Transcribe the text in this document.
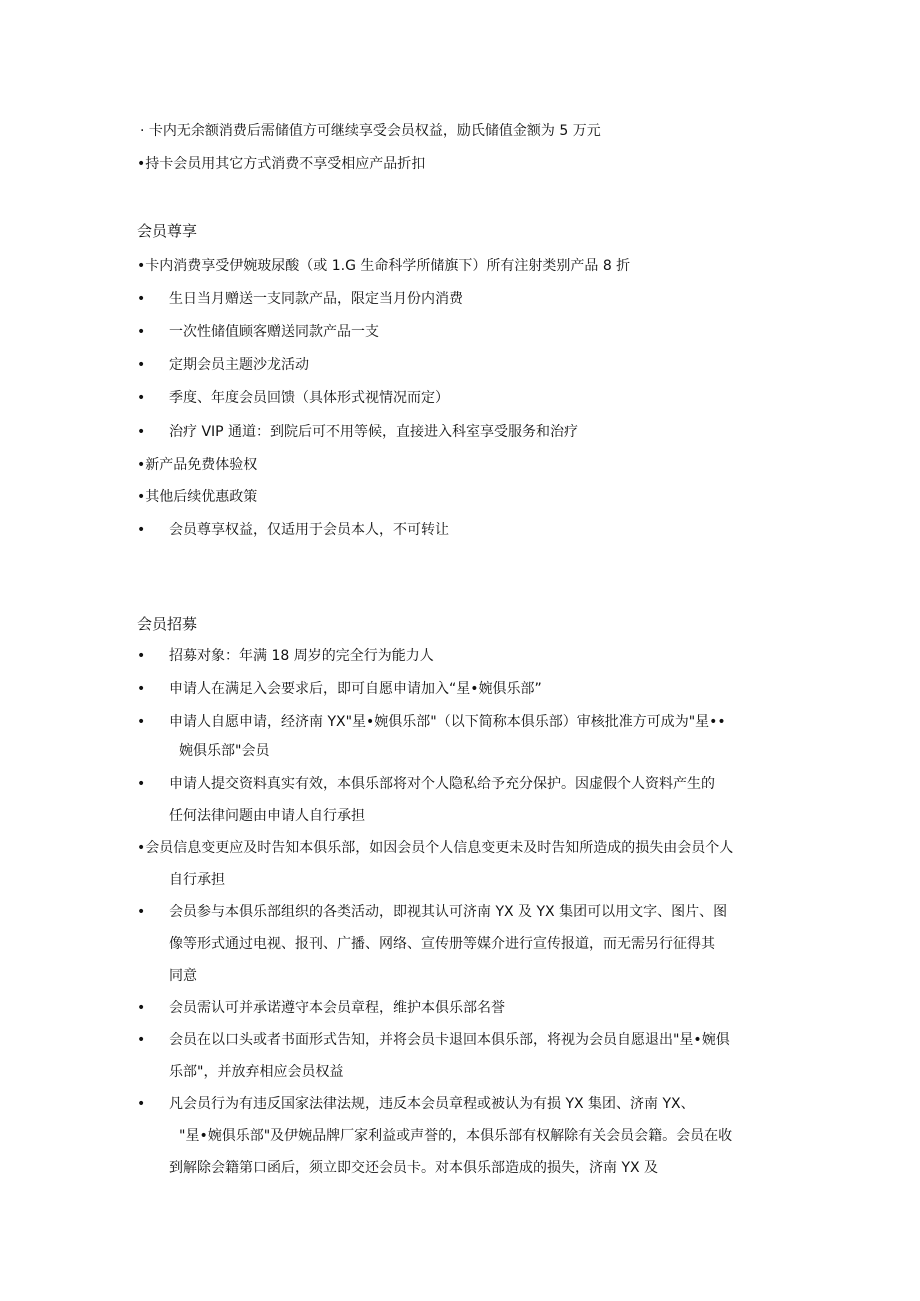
· 卡内无余额消费后需储值方可继续享受会员权益，励氏储值金额为 5 万元
•持卡会员用其它方式消费不享受相应产品折扣
会员尊享
•卡内消费享受伊婉玻尿酸（或 1.G 生命科学所储旗下）所有注射类别产品 8 折
• 生日当月赠送一支同款产品，限定当月份内消费
• 一次性储值顾客赠送同款产品一支
• 定期会员主题沙龙活动
• 季度、年度会员回馈（具体形式视情况而定）
• 治疗 VIP 通道：到院后可不用等候，直接进入科室享受服务和治疗
•新产品免费体验权
•其他后续优惠政策
• 会员尊享权益，仅适用于会员本人，不可转让
会员招募
• 招募对象：年满 18 周岁的完全行为能力人
• 申请人在满足入会要求后，即可自愿申请加入“星•婉俱乐部”
• 申请人自愿申请，经济南 YX"星•婉俱乐部"（以下简称本俱乐部）审核批准方可成为"星••
婉俱乐部"会员
• 申请人提交资料真实有效，本俱乐部将对个人隐私给予充分保护。因虚假个人资料产生的
任何法律问题由申请人自行承担
•会员信息变更应及时告知本俱乐部，如因会员个人信息变更未及时告知所造成的损失由会员个人
自行承担
• 会员参与本俱乐部组织的各类活动，即视其认可济南 YX 及 YX 集团可以用文字、图片、图
像等形式通过电视、报刊、广播、网络、宣传册等媒介进行宣传报道，而无需另行征得其
同意
• 会员需认可并承诺遵守本会员章程，维护本俱乐部名誉
• 会员在以口头或者书面形式告知，并将会员卡退回本俱乐部，将视为会员自愿退出"星•婉俱
乐部"，并放弃相应会员权益
• 凡会员行为有违反国家法律法规，违反本会员章程或被认为有损 YX 集团、济南 YX、
"星•婉俱乐部"及伊婉品牌厂家利益或声誉的，本俱乐部有权解除有关会员会籍。会员在收
到解除会籍第口函后，须立即交还会员卡。对本俱乐部造成的损失，济南 YX 及
